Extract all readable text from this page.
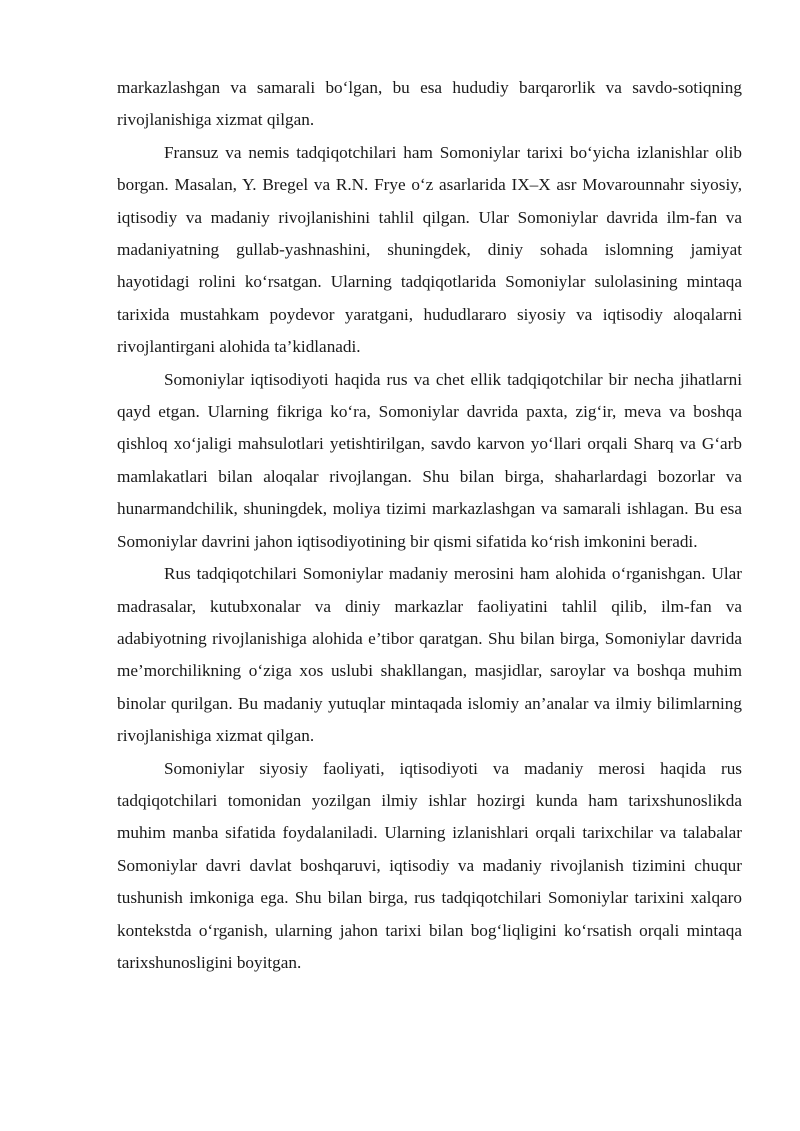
markazlashgan va samarali bo‘lgan, bu esa hududiy barqarorlik va savdo-sotiqning rivojlanishiga xizmat qilgan.

Fransuz va nemis tadqiqotchilari ham Somoniylar tarixi bo‘yicha izlanishlar olib borgan. Masalan, Y. Bregel va R.N. Frye o‘z asarlarida IX–X asr Movarounnahr siyosiy, iqtisodiy va madaniy rivojlanishini tahlil qilgan. Ular Somoniylar davrida ilm-fan va madaniyatning gullab-yashnashini, shuningdek, diniy sohada islomning jamiyat hayotidagi rolini ko‘rsatgan. Ularning tadqiqotlarida Somoniylar sulolasining mintaqa tarixida mustahkam poydevor yaratgani, hududlararo siyosiy va iqtisodiy aloqalarni rivojlantirgani alohida ta’kidlanadi.

Somoniylar iqtisodiyoti haqida rus va chet ellik tadqiqotchilar bir necha jihatlarni qayd etgan. Ularning fikriga ko‘ra, Somoniylar davrida paxta, zig‘ir, meva va boshqa qishloq xo‘jaligi mahsulotlari yetishtirilgan, savdo karvon yo‘llari orqali Sharq va G‘arb mamlakatlari bilan aloqalar rivojlangan. Shu bilan birga, shaharlardagi bozorlar va hunarmandchilik, shuningdek, moliya tizimi markazlashgan va samarali ishlagan. Bu esa Somoniylar davrini jahon iqtisodiyotining bir qismi sifatida ko‘rish imkonini beradi.

Rus tadqiqotchilari Somoniylar madaniy merosini ham alohida o‘rganishgan. Ular madrasalar, kutubxonalar va diniy markazlar faoliyatini tahlil qilib, ilm-fan va adabiyotning rivojlanishiga alohida e’tibor qaratgan. Shu bilan birga, Somoniylar davrida me’morchilikning o‘ziga xos uslubi shakllangan, masjidlar, saroylar va boshqa muhim binolar qurilgan. Bu madaniy yutuqlar mintaqada islomiy an’analar va ilmiy bilimlarning rivojlanishiga xizmat qilgan.

Somoniylar siyosiy faoliyati, iqtisodiyoti va madaniy merosi haqida rus tadqiqotchilari tomonidan yozilgan ilmiy ishlar hozirgi kunda ham tarixshunoslikda muhim manba sifatida foydalaniladi. Ularning izlanishlari orqali tarixchilar va talabalar Somoniylar davri davlat boshqaruvi, iqtisodiy va madaniy rivojlanish tizimini chuqur tushunish imkoniga ega. Shu bilan birga, rus tadqiqotchilari Somoniylar tarixini xalqaro kontekstda o‘rganish, ularning jahon tarixi bilan bog‘liqligini ko‘rsatish orqali mintaqa tarixshunosligini boyitgan.
